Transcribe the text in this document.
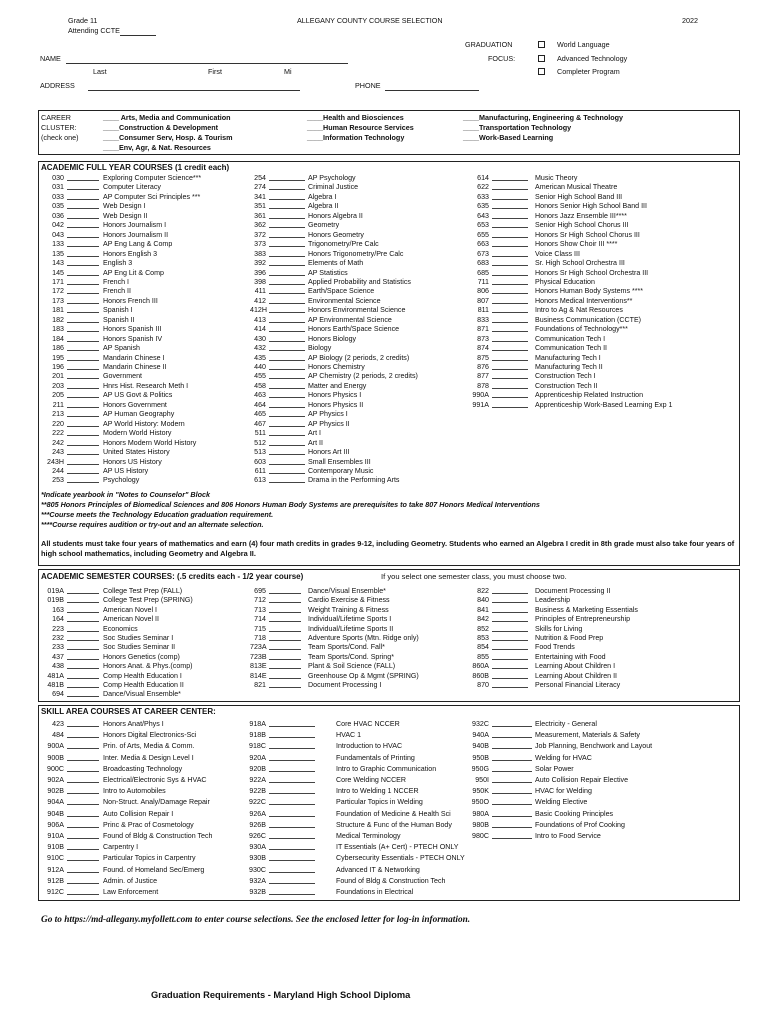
Grade 11
Attending CCTE
ALLEGANY COUNTY COURSE SELECTION	2022
GRADUATION
FOCUS:
World Language
Advanced Technology
Completer Program
NAME
Last	First	Mi
ADDRESS	PHONE
CAREER
CLUSTER:
(check one)
____ Arts, Media and Communication
____Construction & Development
____Consumer Serv, Hosp. & Tourism
____Env, Agr, & Nat. Resources
____Health and Biosciences
____Human Resource Services
____Information Technology
____Manufacturing, Engineering & Technology
____Transportation Technology
____Work-Based Learning
ACADEMIC FULL YEAR COURSES (1 credit each)
030	Exploring Computer Science***
031	Computer Literacy
033	AP Computer Sci Principles ***
035	Web Design I
036	Web Design II
042	Honors Journalism I
043	Honors Journalism II
133	AP Eng Lang & Comp
135	Honors English 3
143	English 3
145	AP Eng Lit & Comp
171	French I
172	French II
173	Honors French III
181	Spanish I
182	Spanish II
183	Honors Spanish III
184	Honors Spanish IV
186	AP Spanish
195	Mandarin Chinese I
196	Mandarin Chinese II
201	Government
203	Hnrs Hist. Research Meth I
205	AP US Govt & Politics
211	Honors Government
213	AP Human Geography
220	AP World History: Modern
222	Modern World History
242	Honors Modern World History
243	United States History
243H	Honors US History
244	AP US History
253	Psychology
254	AP Psychology
274	Criminal Justice
341	Algebra I
351	Algebra II
361	Honors Algebra II
362	Geometry
372	Honors Geometry
373	Trigonometry/Pre Calc
383	Honors Trigonometry/Pre Calc
392	Elements of Math
396	AP Statistics
398	Applied Probability and Statistics
411	Earth/Space Science
412	Environmental Science
412H	Honors Environmental Science
413	AP Environmental Science
414	Honors Earth/Space Science
430	Honors Biology
432	Biology
435	AP Biology (2 periods, 2 credits)
440	Honors Chemistry
455	AP Chemistry (2 periods, 2 credits)
458	Matter and Energy
463	Honors Physics I
464	Honors Physics II
465	AP Physics I
467	AP Physics II
511	Art I
512	Art II
513	Honors Art III
603	Small Ensembles III
611	Contemporary Music
613	Drama in the Performing Arts
614	Music Theory
622	American Musical Theatre
633	Senior High School Band III
635	Honors Senior High School Band III
643	Honors Jazz Ensemble III****
653	Senior High School Chorus III
655	Honors Sr High School Chorus III
663	Honors Show Choir III ****
673	Voice Class III
683	Sr. High School Orchestra III
685	Honors Sr High School Orchestra III
711	Physical Education
806	Honors Human Body Systems ****
807	Honors Medical Interventions**
811	Intro to Ag & Nat Resources
833	Business Communication (CCTE)
871	Foundations of Technology***
873	Communication Tech I
874	Communication Tech II
875	Manufacturing Tech I
876	Manufacturing Tech II
877	Construction Tech I
878	Construction Tech II
990A	Apprenticeship Related Instruction
991A	Apprenticeship Work-Based Learning Exp 1
*Indicate yearbook in "Notes to Counselor" Block
**805 Honors Principles of Biomedical Sciences and 806 Honors Human Body Systems are prerequisites to take 807 Honors Medical Interventions
***Course meets the Technology Education graduation requirement.
****Course requires audition or try-out and an alternate selection.
All students must take four years of mathematics and earn (4) four math credits in grades 9-12, including Geometry. Students who earned an Algebra I credit in 8th grade must also take four years of high school mathematics, including Geometry and Algebra II.
ACADEMIC SEMESTER COURSES: (.5 credits each - 1/2 year course)	If you select one semester class, you must choose two.
019A	College Test Prep (FALL)
019B	College Test Prep (SPRING)
163	American Novel I
164	American Novel II
223	Economics
232	Soc Studies Seminar I
233	Soc Studies Seminar II
437	Honors Genetics (comp)
438	Honors Anat. & Phys.(comp)
481A	Comp Health Education I
481B	Comp Health Education II
694	Dance/Visual Ensemble*
695	Dance/Visual Ensemble*
712	Cardio Exercise & Fitness
713	Weight Training & Fitness
714	Individual/Lifetime Sports I
715	Individual/Lifetime Sports II
718	Adventure Sports (Mtn. Ridge only)
723A	Team Sports/Cond. Fall*
723B	Team Sports/Cond. Spring*
813E	Plant & Soil Science (FALL)
814E	Greenhouse Op & Mgmt (SPRING)
821	Document Processing I
822	Document Processing II
840	Leadership
841	Business & Marketing Essentials
842	Principles of Entrepreneurship
852	Skills for Living
853	Nutrition & Food Prep
854	Food Trends
855	Entertaining with Food
860A	Learning About Children I
860B	Learning About Children II
870	Personal Financial Literacy
SKILL AREA COURSES AT CAREER CENTER:
423	Honors Anat/Phys I
484	Honors Digital Electronics-Sci
900A	Prin. of Arts, Media & Comm.
900B	Inter. Media & Design Level I
900C	Broadcasting Technology
902A	Electrical/Electronic Sys & HVAC
902B	Intro to Automobiles
904A	Non-Struct. Analy/Damage Repair
904B	Auto Collision Repair I
906A	Princ & Prac of Cosmetology
910A	Found of Bldg & Construction Tech
910B	Carpentry I
910C	Particular Topics in Carpentry
912A	Found. of Homeland Sec/Emerg
912B	Admin. of Justice
912C	Law Enforcement
918A	Core HVAC NCCER
918B	HVAC 1
918C	Introduction to HVAC
920A	Fundamentals of Printing
920B	Intro to Graphic Communication
922A	Core Welding NCCER
922B	Intro to Welding 1 NCCER
922C	Particular Topics in Welding
926A	Foundation of Medicine & Health Sci
926B	Structure & Func of the Human Body
926C	Medical Terminology
930A	IT Essentials (A+ Cert) - PTECH ONLY
930B	Cybersecurity Essentials - PTECH ONLY
930C	Advanced IT & Networking
932A	Found of Bldg & Construction Tech
932B	Foundations in Electrical
932C	Electricity - General
940A	Measurement, Materials & Safety
940B	Job Planning, Benchwork and Layout
950B	Welding for HVAC
950G	Solar Power
950I	Auto Collision Repair Elective
950K	HVAC for Welding
950O	Welding Elective
980A	Basic Cooking Principles
980B	Foundations of Prof Cooking
980C	Intro to Food Service
Go to https://md-allegany.myfollett.com to enter course selections. See the enclosed letter for log-in information.
Graduation Requirements - Maryland High School Diploma
